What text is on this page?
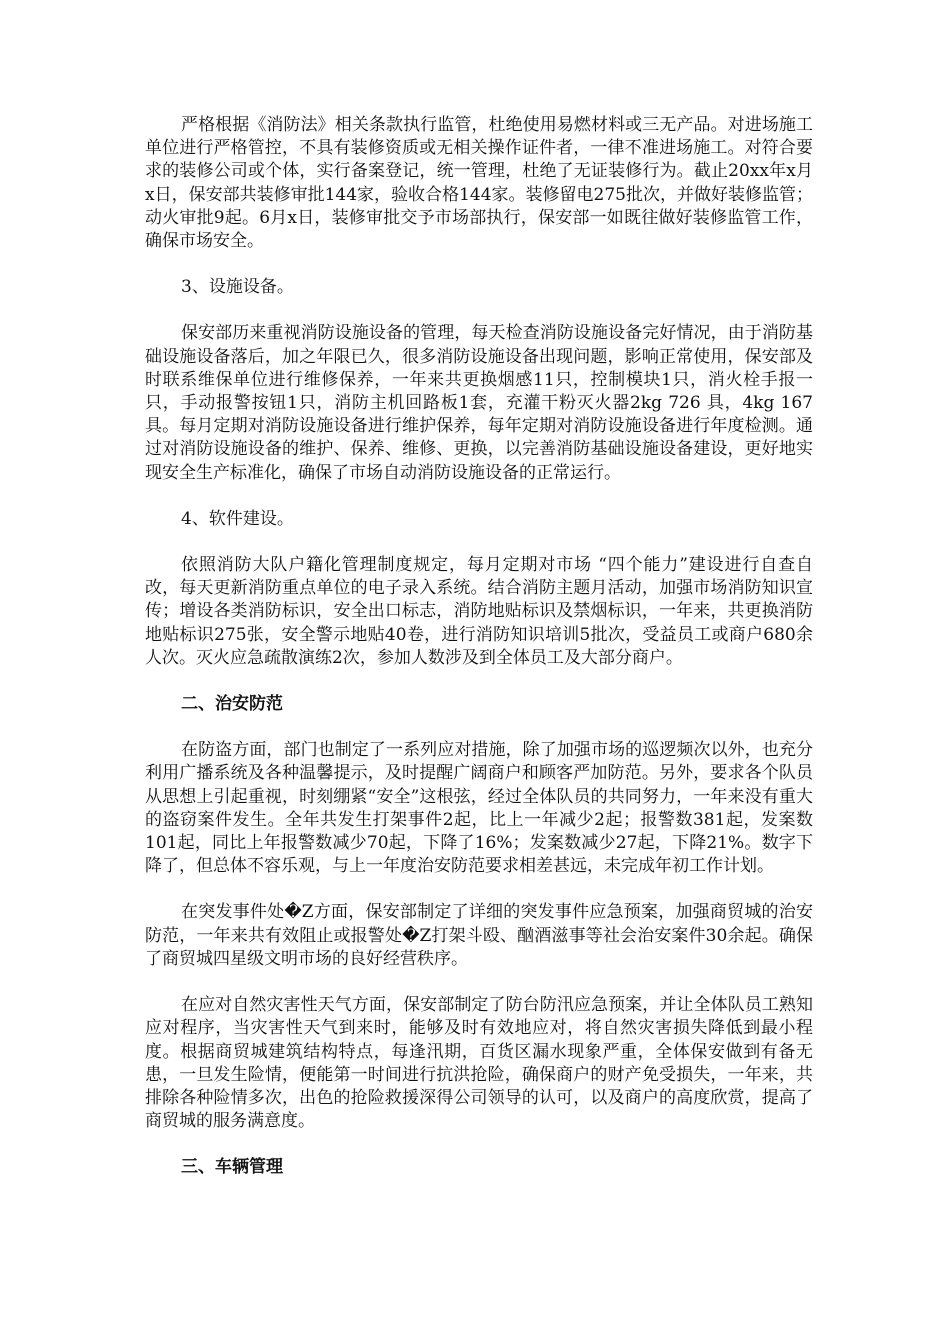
严格根据《消防法》相关条款执行监管，杜绝使用易燃材料或三无产品。对进场施工单位进行严格管控，不具有装修资质或无相关操作证件者，一律不准进场施工。对符合要求的装修公司或个体，实行备案登记，统一管理，杜绝了无证装修行为。截止20xx年x月x日，保安部共装修审批144家，验收合格144家。装修留电275批次，并做好装修监管；动火审批9起。6月x日，装修审批交予市场部执行，保安部一如既往做好装修监管工作，确保市场安全。

3、设施设备。

保安部历来重视消防设施设备的管理，每天检查消防设施设备完好情况，由于消防基础设施设备落后，加之年限已久，很多消防设施设备出现问题，影响正常使用，保安部及时联系维保单位进行维修保养，一年来共更换烟感11只，控制模块1只，消火栓手报一只，手动报警按钮1只，消防主机回路板1套，充灌干粉灭火器2kg 726 具，4kg 167 具。每月定期对消防设施设备进行维护保养，每年定期对消防设施设备进行年度检测。通过对消防设施设备的维护、保养、维修、更换，以完善消防基础设施设备建设，更好地实现安全生产标准化，确保了市场自动消防设施设备的正常运行。

4、软件建设。

依照消防大队户籍化管理制度规定，每月定期对市场 “四个能力”建设进行自查自改，每天更新消防重点单位的电子录入系统。结合消防主题月活动，加强市场消防知识宣传；增设各类消防标识，安全出口标志，消防地贴标识及禁烟标识，一年来，共更换消防地贴标识275张，安全警示地贴40卷，进行消防知识培训5批次，受益员工或商户680余人次。灭火应急疏散演练2次，参加人数涉及到全体员工及大部分商户。

二、治安防范

在防盗方面，部门也制定了一系列应对措施，除了加强市场的巡逻频次以外，也充分利用广播系统及各种温馨提示，及时提醒广阔商户和顾客严加防范。另外，要求各个队员从思想上引起重视，时刻绷紧“安全”这根弦，经过全体队员的共同努力，一年来没有重大的盗窃案件发生。全年共发生打架事件2起，比上一年减少2起；报警数381起，发案数101起，同比上年报警数减少70起，下降了16%；发案数减少27起，下降21%。数字下降了，但总体不容乐观，与上一年度治安防范要求相差甚远，未完成年初工作计划。

在突发事件处�Z方面，保安部制定了详细的突发事件应急预案，加强商贸城的治安防范，一年来共有效阻止或报警处�Z打架斗殴、酗酒滋事等社会治安案件30余起。确保了商贸城四星级文明市场的良好经营秩序。

在应对自然灾害性天气方面，保安部制定了防台防汛应急预案，并让全体队员工熟知应对程序，当灾害性天气到来时，能够及时有效地应对，将自然灾害损失降低到最小程度。根据商贸城建筑结构特点，每逢汛期，百货区漏水现象严重，全体保安做到有备无患，一旦发生险情，便能第一时间进行抗洪抢险，确保商户的财产免受损失，一年来，共排除各种险情多次，出色的抢险救援深得公司领导的认可，以及商户的高度欣赏，提高了商贸城的服务满意度。

三、车辆管理
